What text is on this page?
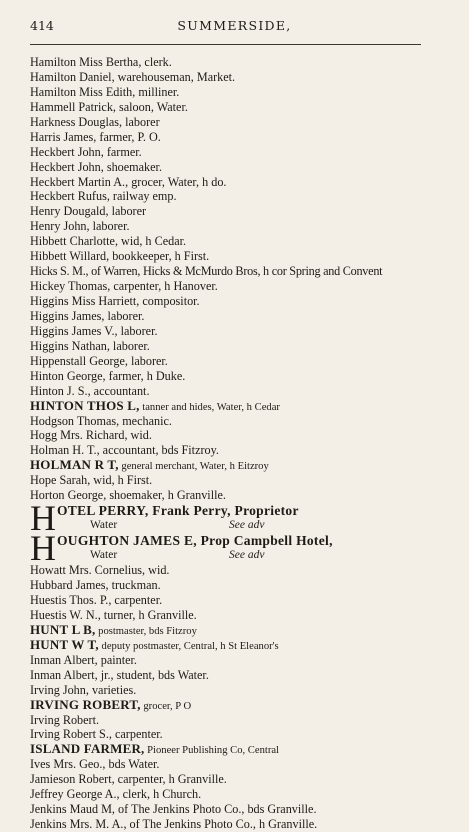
414	SUMMERSIDE,
Hamilton Miss Bertha, clerk.
Hamilton Daniel, warehouseman, Market.
Hamilton Miss Edith, milliner.
Hammell Patrick, saloon, Water.
Harkness Douglas, laborer
Harris James, farmer, P. O.
Heckbert John, farmer.
Heckbert John, shoemaker.
Heckbert Martin A., grocer, Water, h do.
Heckbert Rufus, railway emp.
Henry Dougald, laborer
Henry John, laborer.
Hibbett Charlotte, wid, h Cedar.
Hibbett Willard, bookkeeper, h First.
Hicks S. M., of Warren, Hicks & McMurdo Bros, h cor Spring and Convent
Hickey Thomas, carpenter, h Hanover.
Higgins Miss Harriett, compositor.
Higgins James, laborer.
Higgins James V., laborer.
Higgins Nathan, laborer.
Hippenstall George, laborer.
Hinton George, farmer, h Duke.
Hinton J. S., accountant.
HINTON THOS L, tanner and hides, Water, h Cedar
Hodgson Thomas, mechanic.
Hogg Mrs. Richard, wid.
Holman H. T., accountant, bds Fitzroy.
HOLMAN R T, general merchant, Water, h Eitzroy
Hope Sarah, wid, h First.
Horton George, shoemaker, h Granville.
H OTEL PERRY, Frank Perry, Proprietor
Water	See adv
H OUGHTON JAMES E, Prop Campbell Hotel,
Water	See adv
Howatt Mrs. Cornelius, wid.
Hubbard James, truckman.
Huestis Thos. P., carpenter.
Huestis W. N., turner, h Granville.
HUNT L B, postmaster, bds Fitzroy
HUNT W T, deputy postmaster, Central, h St Eleanor's
Inman Albert, painter.
Inman Albert, jr., student, bds Water.
Irving John, varieties.
IRVING ROBERT, grocer, P O
Irving Robert.
Irving Robert S., carpenter.
ISLAND FARMER, Pioneer Publishing Co, Central
Ives Mrs. Geo., bds Water.
Jamieson Robert, carpenter, h Granville.
Jeffrey George A., clerk, h Church.
Jenkins Maud M, of The Jenkins Photo Co., bds Granville.
Jenkins Mrs. M. A., of The Jenkins Photo Co., h Granville.
